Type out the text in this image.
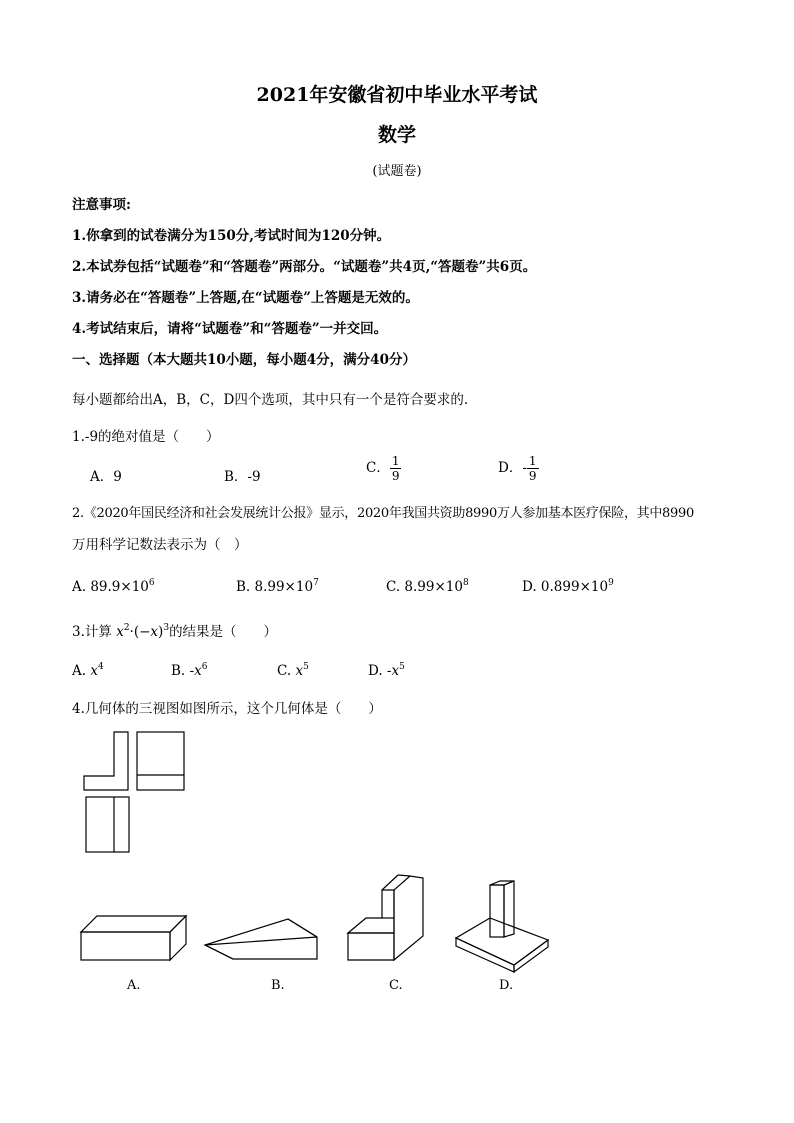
2021年安徽省初中毕业水平考试
数学
(试题卷)
注意事项:
1.你拿到的试卷满分为150分,考试时间为120分钟。
2.本试券包括“试题卷”和“答题卷”两部分。“试题卷”共4页,“答题卷”共6页。
3.请务必在“答题卷”上答题,在“试题卷”上答题是无效的。
4.考试结束后，请将“试题卷”和“答题卷”一并交回。
一、选择题（本大题共10小题，每小题4分，满分40分）
每小题都给出A，B，C，D四个选项，其中只有一个是符合要求的.
1.-9的绝对值是（　　）
A．9	B．-9
C． $\frac{1}{9}$	D．- $\frac{1}{9}$
2.《2020年国民经济和社会发展统计公报》显示，2020年我国共资助8990万人参加基本医疗保险，其中8990
万用科学记数法表示为（　）
A. $89.9\times 10^6$	B. $8.99\times 10^7$	C. $8.99\times 10^8$	D. $0.899\times 10^9$
3.计算 $x^2\cdot(-x)^3$的结果是（　　）
A. $x^4$	B. $-x^6$	C. $x^5$	D. $-x^5$
4.几何体的三视图如图所示，这个几何体是（　　）
A.	B.	C.	D.
